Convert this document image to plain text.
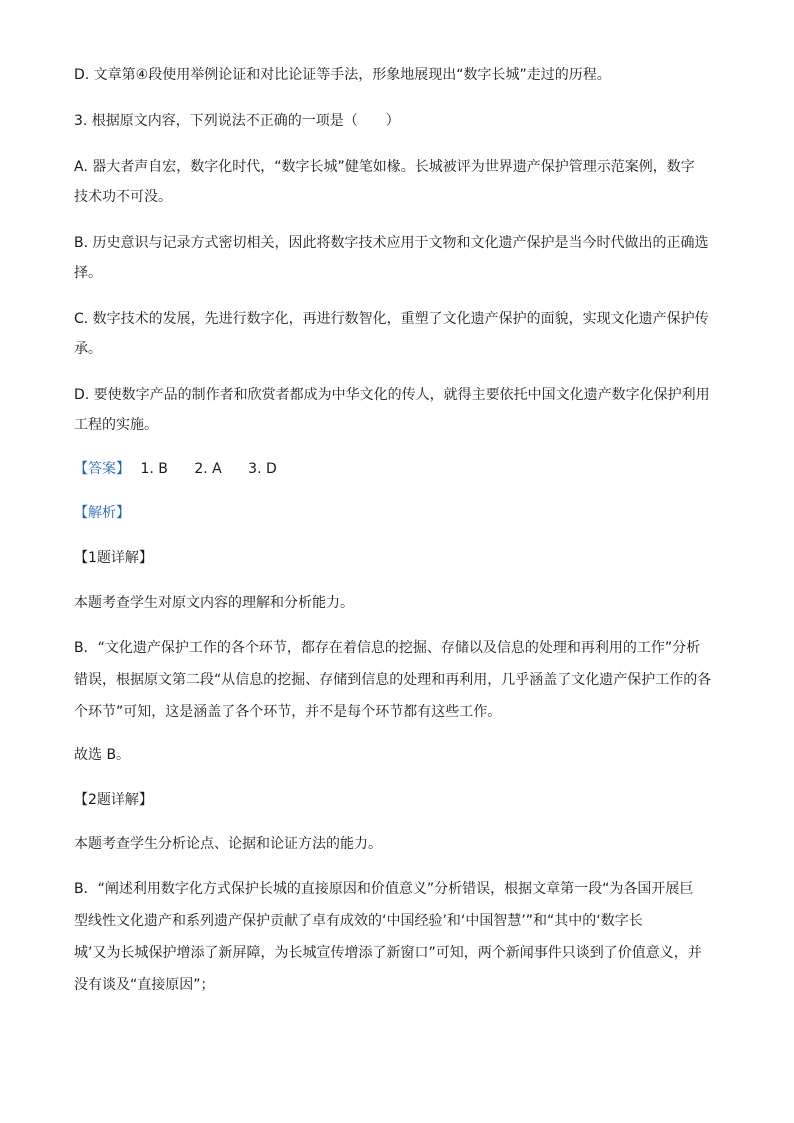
D. 文章第④段使用举例论证和对比论证等手法，形象地展现出“数字长城”走过的历程。
3. 根据原文内容，下列说法不正确的一项是（　　）
A. 器大者声自宏，数字化时代，“数字长城”健笔如椽。长城被评为世界遗产保护管理示范案例，数字
技术功不可没。
B. 历史意识与记录方式密切相关，因此将数字技术应用于文物和文化遗产保护是当今时代做出的正确选
择。
C. 数字技术的发展，先进行数字化，再进行数智化，重塑了文化遗产保护的面貌，实现文化遗产保护传
承。
D. 要使数字产品的制作者和欣赏者都成为中华文化的传人，就得主要依托中国文化遗产数字化保护利用
工程的实施。
【答案】 1. B 2. A 3. D
【解析】
【1题详解】
本题考查学生对原文内容的理解和分析能力。
B．“文化遗产保护工作的各个环节，都存在着信息的挖掘、存储以及信息的处理和再利用的工作”分析
错误，根据原文第二段“从信息的挖掘、存储到信息的处理和再利用，几乎涵盖了文化遗产保护工作的各
个环节”可知，这是涵盖了各个环节，并不是每个环节都有这些工作。
故选 B。
【2题详解】
本题考查学生分析论点、论据和论证方法的能力。
B．“阐述利用数字化方式保护长城的直接原因和价值意义”分析错误，根据文章第一段“为各国开展巨
型线性文化遗产和系列遗产保护贡献了卓有成效的‘中国经验’和‘中国智慧’”和“其中的‘数字长
城’又为长城保护增添了新屏障，为长城宣传增添了新窗口”可知，两个新闻事件只谈到了价值意义，并
没有谈及“直接原因”；
